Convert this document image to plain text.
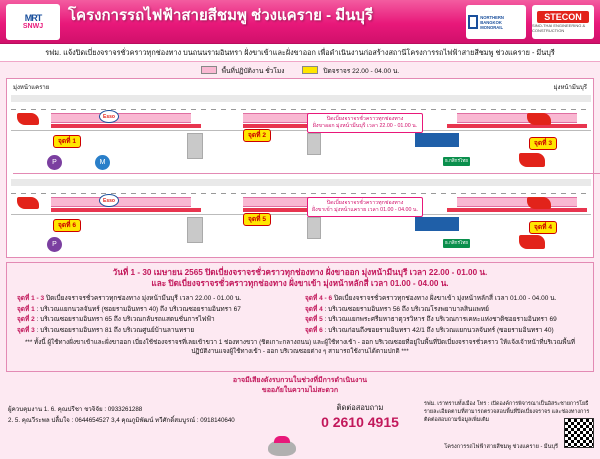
MRT
SNWJ
โครงการรถไฟฟ้าสายสีชมพู ช่วงแคราย - มีนบุรี	NORTHERN BANGKOK MONORAIL
STECON
SINO-THAI ENGINEERING & CONSTRUCTION
รฟม. แจ้งปิดเบี่ยงจราจรชั่วคราวทุกช่องทาง บนถนนรามอินทรา ฝั่งขาเข้าและฝั่งขาออก เพื่อดำเนินงานก่อสร้างสถานีโครงการรถไฟฟ้าสายสีชมพู ช่วงแคราย - มีนบุรี
พื้นที่ปฏิบัติงาน ชั่วโมง	ปิดจราจร 22.00 - 04.00 น.
มุ่งหน้าแคราย	มุ่งหน้ามีนบุรี
Esso
จุดที่ 1
จุดที่ 2
จุดที่ 3
ปิดเบี่ยงจราจรชั่วคราวทุกช่องทาง
ฝั่งขาออก มุ่งหน้ามีนบุรี เวลา 22.00 - 01.00 น.
P	M	ธ.กสิกรไทย
Esso
จุดที่ 6
จุดที่ 5
จุดที่ 4
ปิดเบี่ยงจราจรชั่วคราวทุกช่องทาง
ฝั่งขาเข้า มุ่งหน้าแคราย เวลา 01.00 - 04.00 น.
P	ธ.กสิกรไทย
วันที่ 1 - 30 เมษายน 2565 ปิดเบี่ยงจราจรชั่วคราวทุกช่องทาง ฝั่งขาออก มุ่งหน้ามีนบุรี เวลา 22.00 - 01.00 น.
และ ปิดเบี่ยงจราจรชั่วคราวทุกช่องทาง ฝั่งขาเข้า มุ่งหน้าหลักสี่ เวลา 01.00 - 04.00 น.
จุดที่ 1 - 3 ปิดเบี่ยงจราจรชั่วคราวทุกช่องทาง มุ่งหน้ามีนบุรี เวลา 22.00 - 01.00 น.	จุดที่ 4 - 6 ปิดเบี่ยงจราจรชั่วคราวทุกช่องทาง ฝั่งขาเข้า มุ่งหน้าหลักสี่ เวลา 01.00 - 04.00 น.
จุดที่ 1 : บริเวณแยกนวลจันทร์ (ซอยรามอินทรา 40) ถึง บริเวณซอยรามอินทรา 67	จุดที่ 4 : บริเวณซอยรามอินทรา 56 ถึง บริเวณโรงพยาบาลสินแพทย์
จุดที่ 2 : บริเวณซอยรามอินทรา 65 ถึง บริเวณกลับรถแสตนชั่นการไฟฟ้า	จุดที่ 5 : บริเวณแยกพระศรีมหาธาตุวรวิหาร ถึง บริเวณการเคหะแห่งชาติซอยรามอินทรา 69
จุดที่ 3 : บริเวณซอยรามอินทรา 81 ถึง บริเวณศูนย์บ้านลานทราย	จุดที่ 6 : บริเวณก่อนถึงซอยรามอินทรา 42/1 ถึง บริเวณแยกนวลจันทร์ (ซอยรามอินทรา 40)
*** ทั้งนี้ ผู้ใช้ทางฝั่งขาเข้าและฝั่งขาออก เบี่ยงใช้ช่องจราจรที่เลยเข้าขวา 1 ช่องทางขวา (ชิดเกาะกลางถนน) และผู้ใช้ทางเข้า - ออก บริเวณซอยที่อยู่ในพื้นที่ปิดเบี่ยงจราจรชั่วคราว ให้แจ้งเจ้าหน้าที่บริเวณพื้นที่ปฏิบัติงานแจงผู้ใช้ทางเข้า - ออก บริเวณซอยต่าง ๆ สามารถใช้งานได้ตามปกติ ***
อาจมีเสียงดังรบกวนในช่วงที่มีการดำเนินงาน
ขออภัยในความไม่สะดวก
ผู้ควบคุมงาน 1. 6. คุณปรีชา ชวจิจัย : 0933261288
2. 5. คุณวีระพล ปลื้มใจ : 0644654527 3,4 คุณภูมิพัฒน์ ทวีศักดิ์สมบูรณ์ : 0918140640
ติดต่อสอบถาม
0 2610 4915
รฟม. เราทราบทั้งเมือง โทร : เปิดองค์การพิจารณาเป็นอิสระชายการโยธี รายละเอียดตามที่สามารถตรวจสอบพื้นที่ปิดเบี่ยงจราจร และช่องทางการติดต่อสอบถามข้อมูลเพิ่มเติม
โครงการรถไฟฟ้าสายสีชมพู ช่วงแคราย - มีนบุรี
